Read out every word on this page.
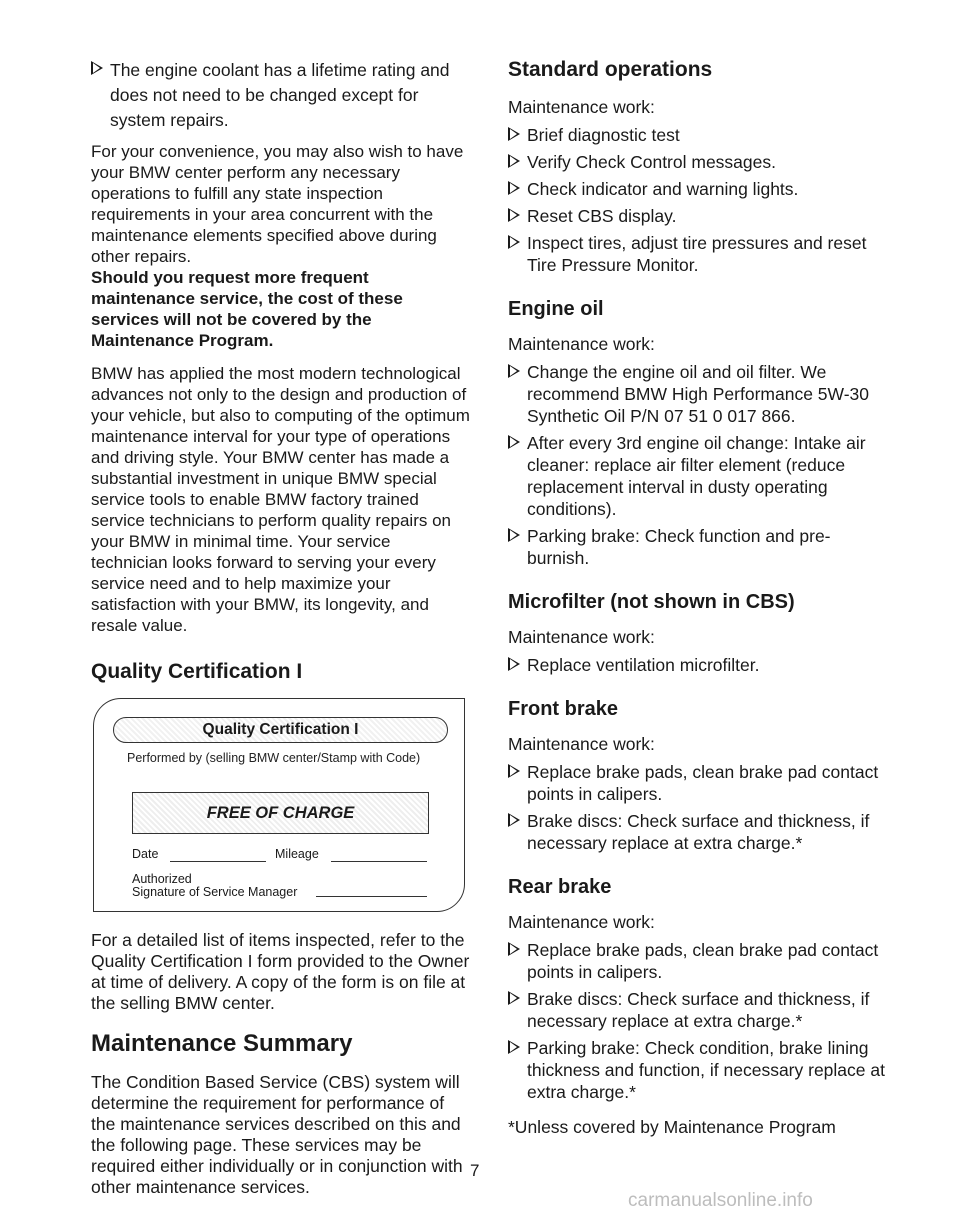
The engine coolant has a lifetime rating and does not need to be changed except for system repairs.

For your convenience, you may also wish to have your BMW center perform any necessary operations to fulfill any state inspection requirements in your area concurrent with the maintenance elements specified above during other repairs.

Should you request more frequent maintenance service, the cost of these services will not be covered by the Maintenance Program.

BMW has applied the most modern technological advances not only to the design and production of your vehicle, but also to computing of the optimum maintenance interval for your type of operations and driving style. Your BMW center has made a substantial investment in unique BMW special service tools to enable BMW factory trained service technicians to perform quality repairs on your BMW in minimal time. Your service technician looks forward to serving your every service need and to help maximize your satisfaction with your BMW, its longevity, and resale value.

Quality Certification I
Quality Certification I
Performed by (selling BMW center/Stamp with Code)
FREE OF CHARGE
Date	Mileage
Authorized
Signature of Service Manager

For a detailed list of items inspected, refer to the Quality Certification I form provided to the Owner at time of delivery. A copy of the form is on file at the selling BMW center.

Maintenance Summary

The Condition Based Service (CBS) system will determine the requirement for performance of the maintenance services described on this and the following page. These services may be required either individually or in conjunction with other maintenance services.

Standard operations
Maintenance work:
Brief diagnostic test
Verify Check Control messages.
Check indicator and warning lights.
Reset CBS display.
Inspect tires, adjust tire pressures and reset Tire Pressure Monitor.
Engine oil
Maintenance work:
Change the engine oil and oil filter. We recommend BMW High Performance 5W-30 Synthetic Oil P/N 07 51 0 017 866.
After every 3rd engine oil change: Intake air cleaner: replace air filter element (reduce replacement interval in dusty operating conditions).
Parking brake: Check function and pre-burnish.
Microfilter (not shown in CBS)
Maintenance work:
Replace ventilation microfilter.
Front brake
Maintenance work:
Replace brake pads, clean brake pad contact points in calipers.
Brake discs: Check surface and thickness, if necessary replace at extra charge.*
Rear brake
Maintenance work:
Replace brake pads, clean brake pad contact points in calipers.
Brake discs: Check surface and thickness, if necessary replace at extra charge.*
Parking brake: Check condition, brake lining thickness and function, if necessary replace at extra charge.*
*Unless covered by Maintenance Program
7
carmanualsonline.info
